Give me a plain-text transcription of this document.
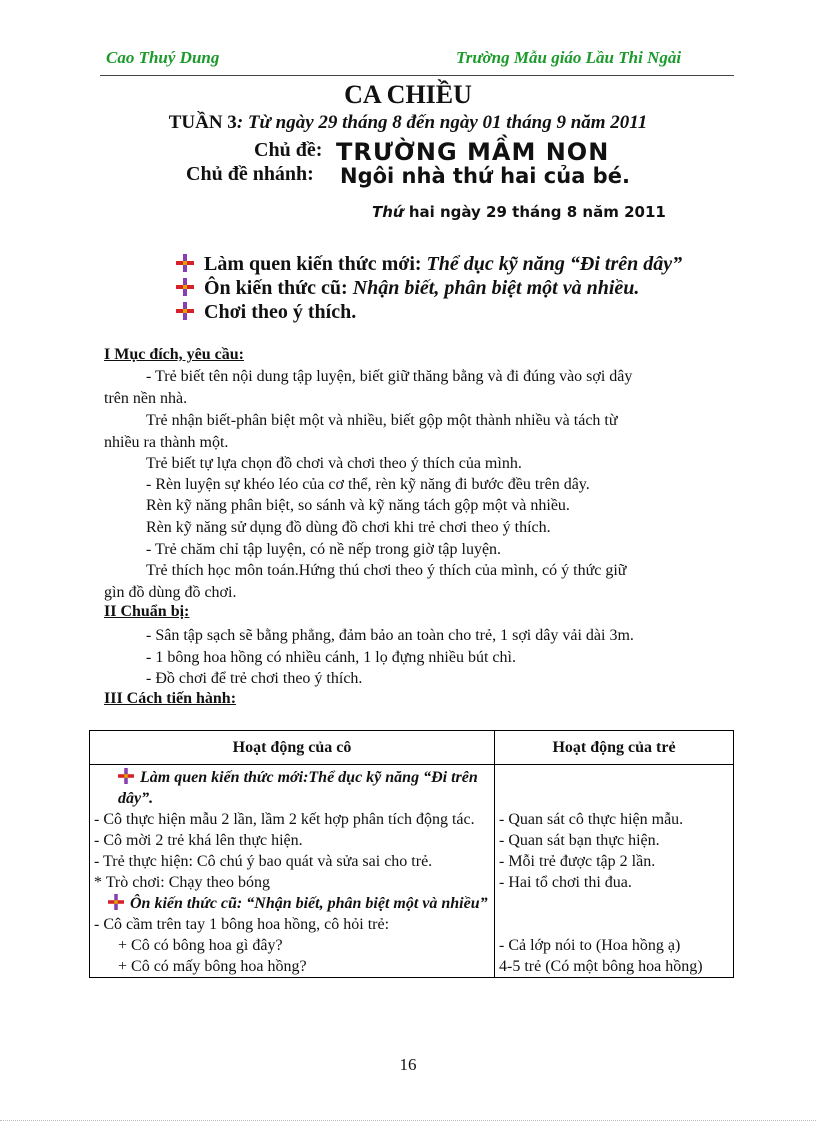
Cao Thuý Dung	Trường Mẫu giáo Lầu Thi Ngài
CA CHIỀU
TUẦN 3: Từ ngày 29 tháng 8 đến ngày 01 tháng 9 năm 2011
Chủ đề: TRƯỜNG MẦM NON
Chủ đề nhánh: Ngôi nhà thứ hai của bé.
Thứ hai ngày 29 tháng 8 năm 2011
Làm quen kiến thức mới: Thể dục kỹ năng “Đi trên dây”
Ôn kiến thức cũ: Nhận biết, phân biệt một và nhiều.
Chơi theo ý thích.
I Mục đích, yêu cầu:
- Trẻ biết tên nội dung tập luyện, biết giữ thăng bằng và đi đúng vào sợi dây
trên nền nhà.
Trẻ nhận biết-phân biệt một và nhiều, biết gộp một thành nhiều và tách từ
nhiều ra thành một.
Trẻ biết tự lựa chọn đồ chơi và chơi theo ý thích của mình.
- Rèn luyện sự khéo léo của cơ thể, rèn kỹ năng đi bước đều trên dây.
Rèn kỹ năng phân biệt, so sánh và kỹ năng tách gộp một và nhiều.
Rèn kỹ năng sử dụng đồ dùng đồ chơi khi trẻ chơi theo ý thích.
- Trẻ chăm chỉ tập luyện, có nề nếp trong giờ tập luyện.
Trẻ thích học môn toán.Hứng thú chơi theo ý thích của mình, có ý thức giữ
gìn đồ dùng đồ chơi.
II Chuẩn bị:
- Sân tập sạch sẽ bằng phẳng, đảm bảo an toàn cho trẻ, 1 sợi dây vải dài 3m.
- 1 bông hoa hồng có nhiều cánh, 1 lọ đựng nhiều bút chì.
- Đồ chơi để trẻ chơi theo ý thích.
III Cách tiến hành:
Hoạt động của cô	Hoạt động của trẻ
Làm quen kiến thức mới:Thể dục kỹ năng “Đi trên dây”.	
- Cô thực hiện mẫu 2 lần, lầm 2 kết hợp phân tích động tác.	- Quan sát cô thực hiện mẫu.
- Cô mời 2 trẻ khá lên thực hiện.	- Quan sát bạn thực hiện.
- Trẻ thực hiện: Cô chú ý bao quát và sửa sai cho trẻ.	- Mỗi trẻ được tập 2 lần.
* Trò chơi: Chạy theo bóng	- Hai tổ chơi thi đua.
Ôn kiến thức cũ: “Nhận biết, phân biệt một và nhiều”	
- Cô cầm trên tay 1 bông hoa hồng, cô hỏi trẻ:	
+ Cô có bông hoa gì đây?	- Cả lớp nói to (Hoa hồng ạ)
+ Cô có mấy bông hoa hồng?	4-5 trẻ (Có một bông hoa hồng)
16
